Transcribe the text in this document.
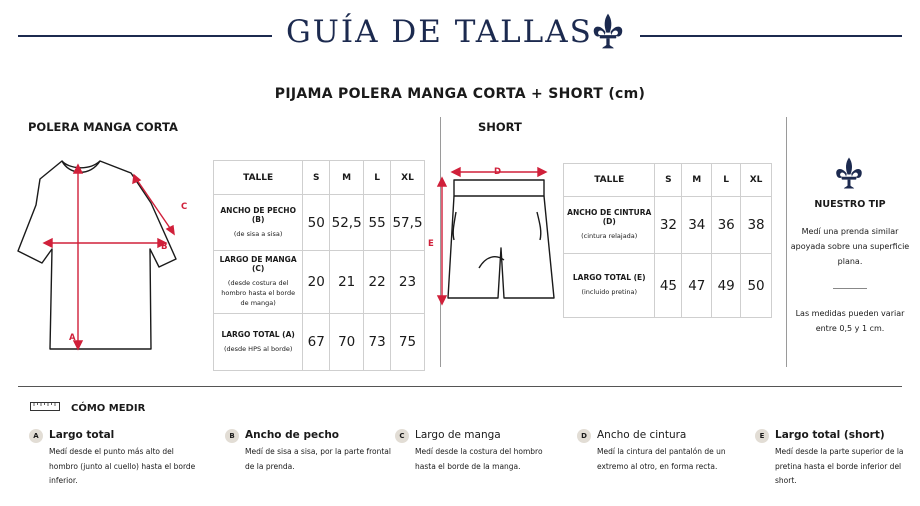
GUÍA DE TALLAS
PIJAMA POLERA MANGA CORTA + SHORT (cm)
POLERA MANGA CORTA
A
B
C
TALLE	S	M	L	XL

ANCHO DE PECHO (B)
(de sisa a sisa)	50	52,5	55	57,5

LARGO DE MANGA (C)
(desde costura del hombro hasta el borde de manga)	20	21	22	23

LARGO TOTAL (A)
(desde HPS al borde)	67	70	73	75
SHORT
D
E
TALLE	S	M	L	XL

ANCHO DE CINTURA (D)
(cintura relajada)	32	34	36	38

LARGO TOTAL (E)
(incluido pretina)	45	47	49	50
NUESTRO TIP
Medí una prenda similar apoyada sobre una superficie plana.
Las medidas pueden variar entre 0,5 y 1 cm.
CÓMO MEDIR
A Largo total
Medí desde el punto más alto del hombro (junto al cuello) hasta el borde inferior.
B Ancho de pecho
Medí de sisa a sisa, por la parte frontal de la prenda.
C Largo de manga
Medí desde la costura del hombro hasta el borde de la manga.
D Ancho de cintura
Medí la cintura del pantalón de un extremo al otro, en forma recta.
E	Largo total (short)
Medí desde la parte superior de la pretina hasta el borde inferior del short.
